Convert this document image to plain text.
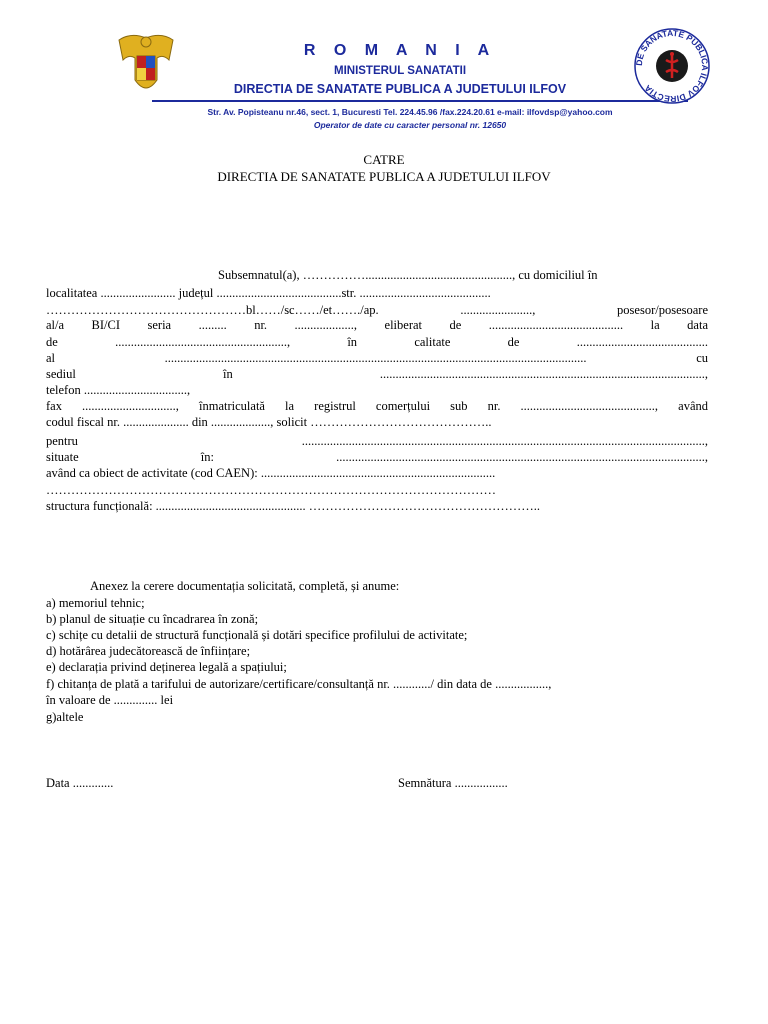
R O M A N I A
MINISTERUL SANATATII
DIRECTIA DE SANATATE PUBLICA A JUDETULUI ILFOV
Str. Av. Popisteanu nr.46, sect. 1, Bucuresti Tel. 224.45.96 /fax.224.20.61 e-mail: ilfovdsp@yahoo.com
Operator de date cu caracter personal nr. 12650
DE SANATATE PUBLICA ILFOV DIRECTIA
CATRE
DIRECTIA DE SANATATE PUBLICA A JUDETULUI ILFOV
Subsemnatul(a), ……………..............................................., cu domiciliul în
localitatea ........................ județul ........................................str. ..........................................
…………………………………………bl……/sc……/et……./ap. ......................., posesor/posesoare
al/a BI/CI seria ......... nr. ..................., eliberat de ........................................... la data
de ......................................................., în calitate de ..........................................
al ....................................................................................................................................... cu
sediul în ........................................................................................................,
telefon .................................,
fax .............................., înmatriculată la registrul comerțului sub nr. ..........................................., având
codul fiscal nr. ..................... din ..................., solicit ……………………………………..
pentru .................................................................................................................................,
situate în: ......................................................................................................................,
având ca obiect de activitate (cod CAEN): ...........................................................................
………………………………………………………………………………………………
structura funcțională: ................................................ ………………………………………………..
Anexez la cerere documentația solicitată, completă, și anume:
a) memoriul tehnic;
b) planul de situație cu încadrarea în zonă;
c) schițe cu detalii de structură funcțională și dotări specifice profilului de activitate;
d) hotărârea judecătorească de înființare;
e) declarația privind deținerea legală a spațiului;
f) chitanța de plată a tarifului de autorizare/certificare/consultanță nr. ............/ din data de .................,
în valoare de .............. lei
g)altele
Data .............	Semnătura .................
